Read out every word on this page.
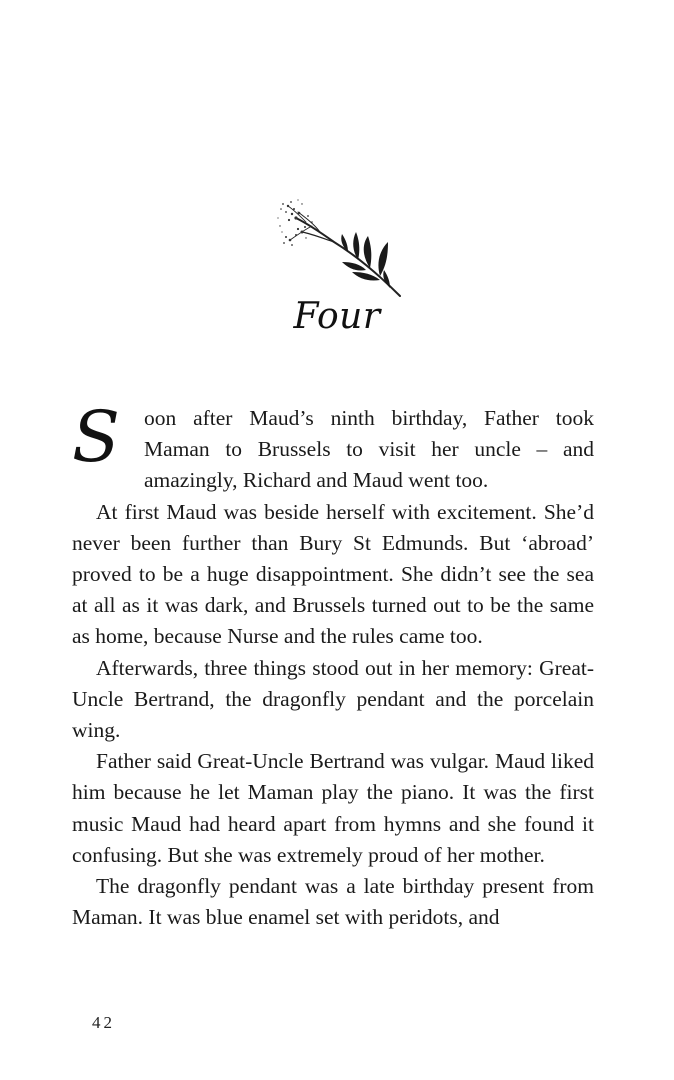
Four

S	oon after Maud’s ninth birthday, Father took Maman to Brussels to visit her uncle – and amazingly, Richard and Maud went too.

At first Maud was beside herself with excitement. She’d never been further than Bury St Edmunds. But ‘abroad’ proved to be a huge disappointment. She didn’t see the sea at all as it was dark, and Brussels turned out to be the same as home, because Nurse and the rules came too.

Afterwards, three things stood out in her memory: Great-Uncle Bertrand, the dragonfly pendant and the porcelain wing.

Father said Great-Uncle Bertrand was vulgar. Maud liked him because he let Maman play the piano. It was the first music Maud had heard apart from hymns and she found it confusing. But she was extremely proud of her mother.

The dragonfly pendant was a late birthday present from Maman. It was blue enamel set with peridots, and

42
